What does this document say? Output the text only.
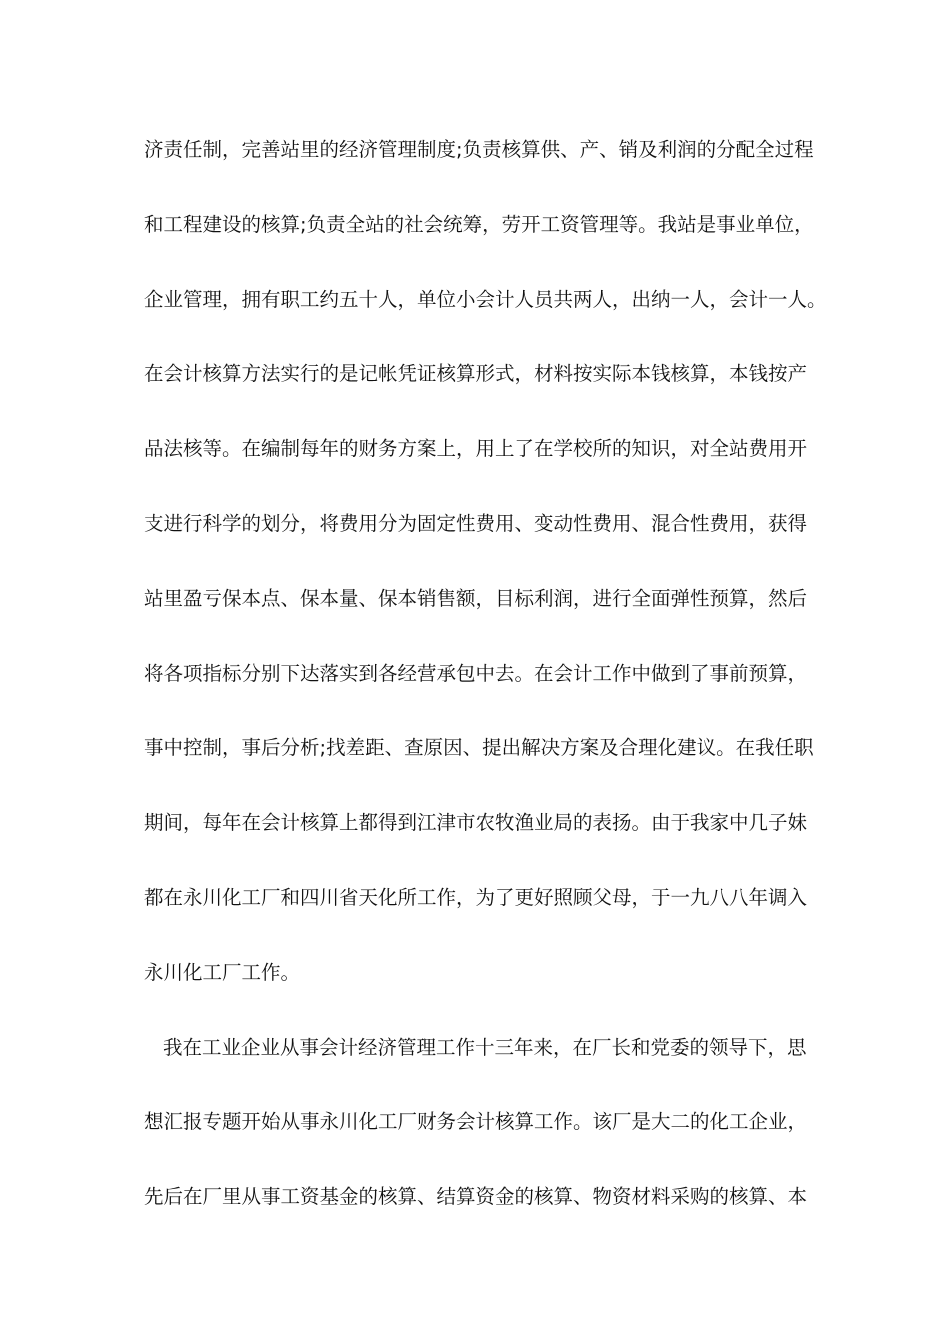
济责任制，完善站里的经济管理制度;负责核算供、产、销及利润的分配全过程
和工程建设的核算;负责全站的社会统筹，劳开工资管理等。我站是事业单位，
企业管理，拥有职工约五十人，单位小会计人员共两人，出纳一人，会计一人。
在会计核算方法实行的是记帐凭证核算形式，材料按实际本钱核算，本钱按产
品法核等。在编制每年的财务方案上，用上了在学校所的知识，对全站费用开
支进行科学的划分，将费用分为固定性费用、变动性费用、混合性费用，获得
站里盈亏保本点、保本量、保本销售额，目标利润，进行全面弹性预算，然后
将各项指标分别下达落实到各经营承包中去。在会计工作中做到了事前预算，
事中控制，事后分析;找差距、查原因、提出解决方案及合理化建议。在我任职
期间，每年在会计核算上都得到江津市农牧渔业局的表扬。由于我家中几子妹
都在永川化工厂和四川省天化所工作，为了更好照顾父母，于一九八八年调入
永川化工厂工作。
我在工业企业从事会计经济管理工作十三年来，在厂长和党委的领导下，思
想汇报专题开始从事永川化工厂财务会计核算工作。该厂是大二的化工企业，
先后在厂里从事工资基金的核算、结算资金的核算、物资材料采购的核算、本
